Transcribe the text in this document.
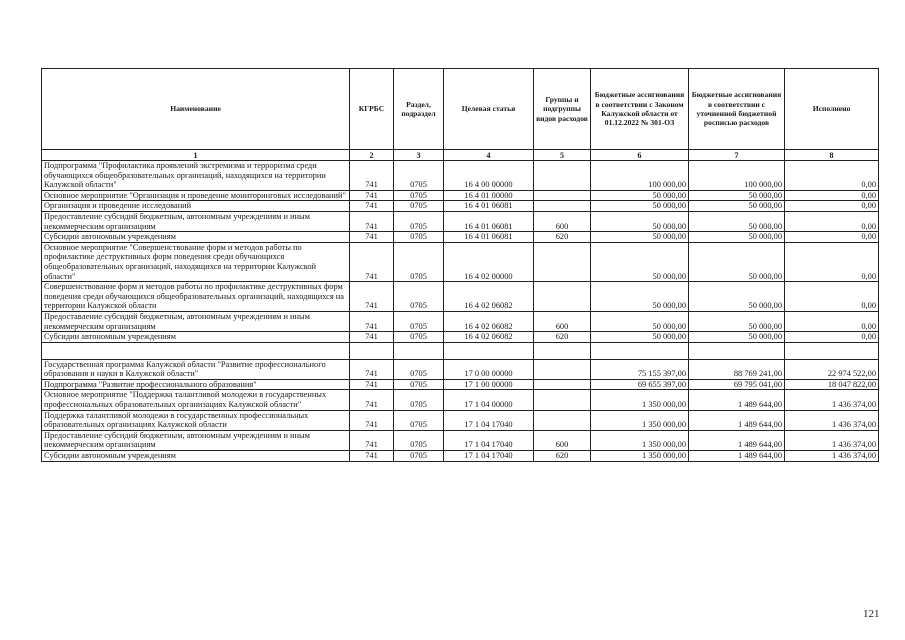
Наименование	КГРБС	Раздел, подраздел	Целевая статья	Группы и подгруппы видов расходов	Бюджетные ассигнования в соответствии с Законом Калужской области от 01.12.2022 № 301-ОЗ	Бюджетные ассигнования в соответствии с уточненной бюджетной росписью расходов	Исполнено
1	2	3	4	5	6	7	8
Подпрограмма "Профилактика проявлений экстремизма и терроризма среди обучающихся общеобразовательных организаций, находящихся на территории Калужской области"	741	0705	16 4 00 00000		100 000,00	100 000,00	0,00
Основное мероприятие "Организация и проведение мониторинговых исследований"	741	0705	16 4 01 00000		50 000,00	50 000,00	0,00
Организация и проведение исследований	741	0705	16 4 01 06081		50 000,00	50 000,00	0,00
Предоставление субсидий бюджетным, автономным учреждениям и иным некоммерческим организациям	741	0705	16 4 01 06081	600	50 000,00	50 000,00	0,00
Субсидии автономным учреждениям	741	0705	16 4 01 06081	620	50 000,00	50 000,00	0,00
Основное мероприятие "Совершенствование форм и методов работы по профилактике деструктивных форм поведения среди обучающихся общеобразовательных организаций, находящихся на территории Калужской области"	741	0705	16 4 02 00000		50 000,00	50 000,00	0,00
Совершенствование форм и методов работы по профилактике деструктивных форм поведения среди обучающихся общеобразовательных организаций, находящихся на территории Калужской области	741	0705	16 4 02 06082		50 000,00	50 000,00	0,00
Предоставление субсидий бюджетным, автономным учреждениям и иным некоммерческим организациям	741	0705	16 4 02 06082	600	50 000,00	50 000,00	0,00
Субсидии автономным учреждениям	741	0705	16 4 02 06082	620	50 000,00	50 000,00	0,00

Государственная программа Калужской области "Развитие профессионального образования и науки в Калужской области"	741	0705	17 0 00 00000		75 155 397,00	88 769 241,00	22 974 522,00
Подпрограмма "Развитие профессионального образования"	741	0705	17 1 00 00000		69 655 397,00	69 795 041,00	18 047 822,00
Основное мероприятие "Поддержка талантливой молодежи в государственных профессиональных образовательных организациях Калужской области"	741	0705	17 1 04 00000		1 350 000,00	1 489 644,00	1 436 374,00
Поддержка талантливой молодежи в государственных профессиональных образовательных организациях Калужской области	741	0705	17 1 04 17040		1 350 000,00	1 489 644,00	1 436 374,00
Предоставление субсидий бюджетным, автономным учреждениям и иным некоммерческим организациям	741	0705	17 1 04 17040	600	1 350 000,00	1 489 644,00	1 436 374,00
Субсидии автономным учреждениям	741	0705	17 1 04 17040	620	1 350 000,00	1 489 644,00	1 436 374,00
121
